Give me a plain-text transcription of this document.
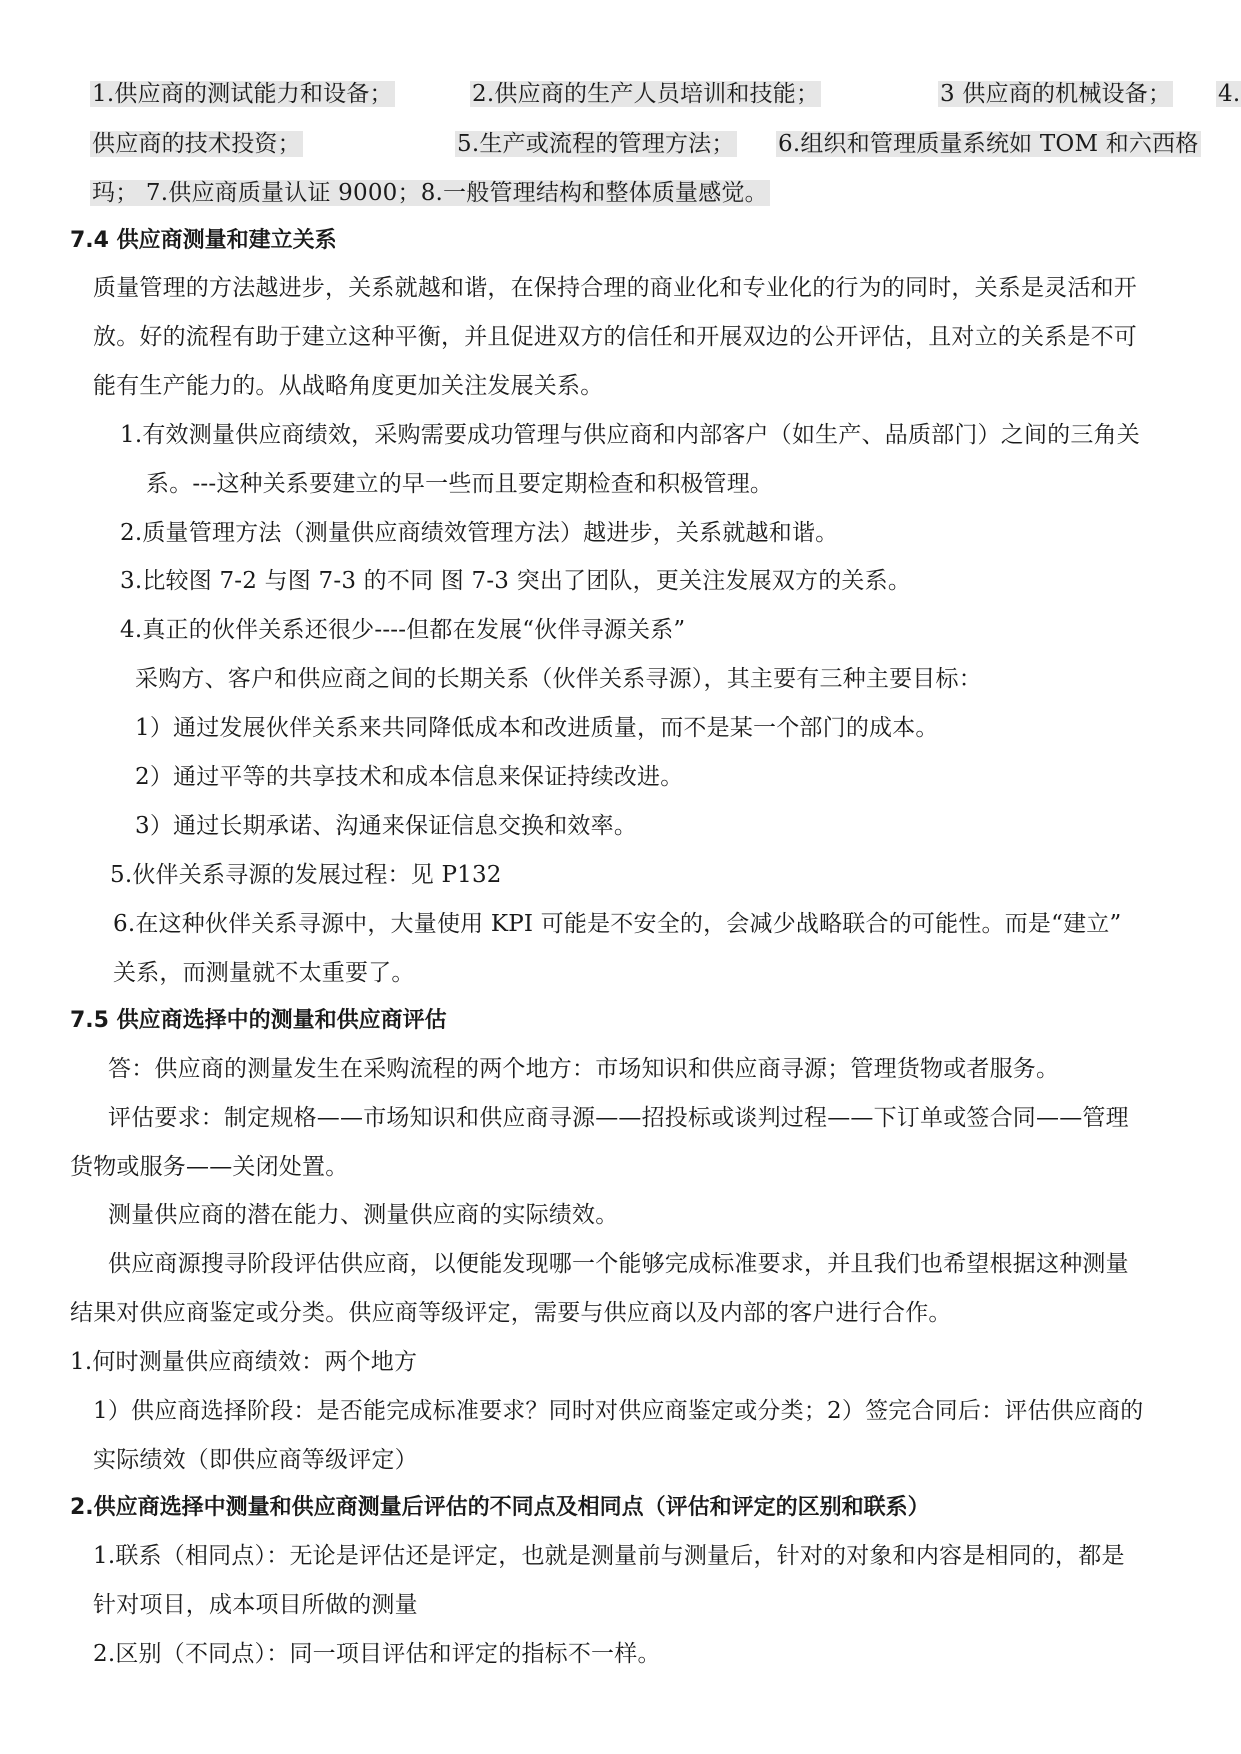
1.供应商的测试能力和设备；	2.供应商的生产人员培训和技能；	3 供应商的机械设备； 4.
供应商的技术投资；	5.生产或流程的管理方法； 6.组织和管理质量系统如 TOM 和六西格
玛； 7.供应商质量认证 9000；8.一般管理结构和整体质量感觉。
7.4 供应商测量和建立关系
质量管理的方法越进步，关系就越和谐，在保持合理的商业化和专业化的行为的同时，关系是灵活和开
放。好的流程有助于建立这种平衡，并且促进双方的信任和开展双边的公开评估，且对立的关系是不可
能有生产能力的。从战略角度更加关注发展关系。
1.有效测量供应商绩效，采购需要成功管理与供应商和内部客户（如生产、品质部门）之间的三角关
系。---这种关系要建立的早一些而且要定期检查和积极管理。
2.质量管理方法（测量供应商绩效管理方法）越进步，关系就越和谐。
3.比较图 7-2 与图 7-3 的不同 图 7-3 突出了团队，更关注发展双方的关系。
4.真正的伙伴关系还很少----但都在发展“伙伴寻源关系”
采购方、客户和供应商之间的长期关系（伙伴关系寻源），其主要有三种主要目标：
1）通过发展伙伴关系来共同降低成本和改进质量，而不是某一个部门的成本。
2）通过平等的共享技术和成本信息来保证持续改进。
3）通过长期承诺、沟通来保证信息交换和效率。
5.伙伴关系寻源的发展过程：见 P132
6.在这种伙伴关系寻源中，大量使用 KPI 可能是不安全的，会减少战略联合的可能性。而是“建立”
关系，而测量就不太重要了。
7.5 供应商选择中的测量和供应商评估
答：供应商的测量发生在采购流程的两个地方：市场知识和供应商寻源；管理货物或者服务。
评估要求：制定规格——市场知识和供应商寻源——招投标或谈判过程——下订单或签合同——管理
货物或服务——关闭处置。
测量供应商的潜在能力、测量供应商的实际绩效。
供应商源搜寻阶段评估供应商，以便能发现哪一个能够完成标准要求，并且我们也希望根据这种测量
结果对供应商鉴定或分类。供应商等级评定，需要与供应商以及内部的客户进行合作。
1.何时测量供应商绩效：两个地方
1）供应商选择阶段：是否能完成标准要求？同时对供应商鉴定或分类；2）签完合同后：评估供应商的
实际绩效（即供应商等级评定）
2.供应商选择中测量和供应商测量后评估的不同点及相同点（评估和评定的区别和联系）
1.联系（相同点）：无论是评估还是评定，也就是测量前与测量后，针对的对象和内容是相同的，都是
针对项目，成本项目所做的测量
2.区别（不同点）：同一项目评估和评定的指标不一样。
